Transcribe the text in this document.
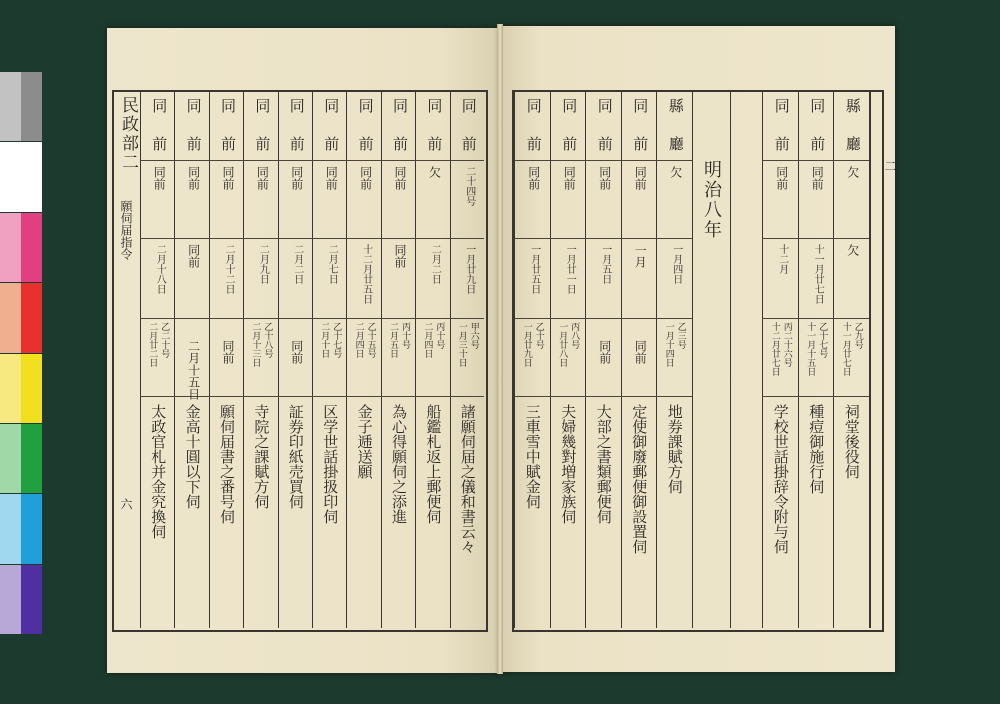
同
前
二十四号
一月廿九日
甲六号
一月三十日
諸願伺届之儀和書云々
同
前
欠
二月二日
丙十号
二月四日
船鑑札返上郵便伺
同
前
同前
同前
丙十号
二月五日
為心得願伺之添進
同
前
同前
十二月廿五日
乙十五号
二月四日
金子逓送願
同
前
同前
二月七日
乙十七号
二月十日
区学世話掛扱印伺
同
前
同前
二月二日
同前
証券印紙売買伺
同
前
同前
二月九日
乙十八号
二月十三日
寺院之課賦方伺
同
前
同前
二月十二日
同前
願伺届書之番号伺
同
前
同前
同前
二月十五日
金高十圓以下伺
同
前
同前
二月十八日
乙二十号
二月廿二日
太政官札并金究換伺
縣
廳
欠
一月四日
乙三号
一月十四日
地券課賦方伺
同
前
同前
一月
同前
定使御廢郵便御設置伺
同
前
同前
一月五日
同前
大部之書類郵便伺
同
前
同前
一月廿一日
丙八号
一月廿八日
夫婦幾對増家族伺
同
前
同前
一月廿五日
乙十号
一月廿九日
三車雪中賦金伺
縣
廳
欠
欠
乙九号
十一月廿七日
祠堂後役伺
同
前
同前
十一月廿七日
乙十七号
十一月十五日
種痘御施行伺
同
前
同前
十二月
丙二十六号
十二月廿七日
学校世話掛辞令附与伺
民政部二
願伺届指令
六
明治八年	二
